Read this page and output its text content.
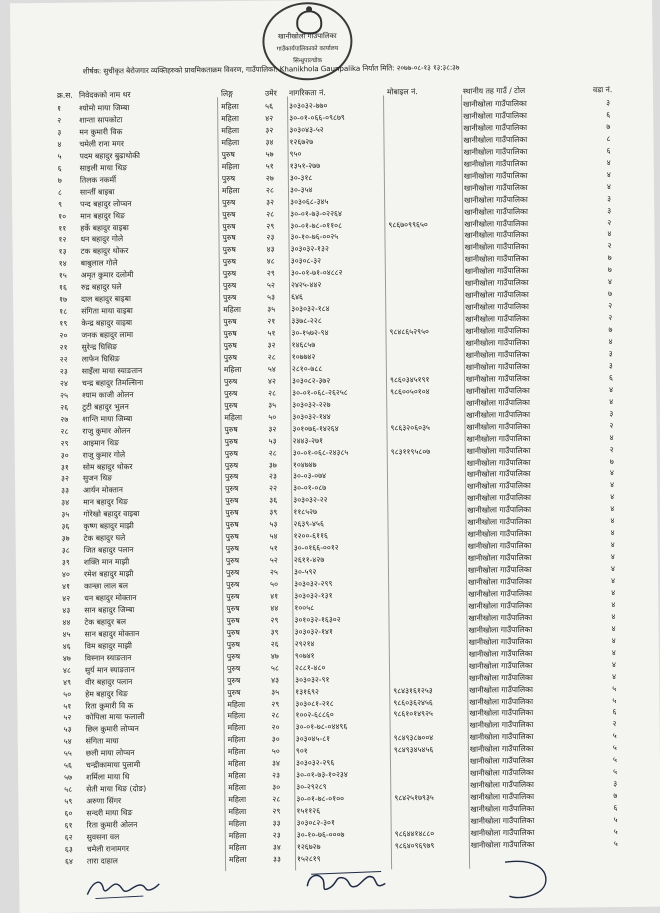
खानीखोला गाउँपालिका
गाउँकार्यपालिकाको कार्यालय
सिन्धुपाल्चोक
शीर्षक: सुचीकृत बेरोजगार व्यक्तिहरुको प्राथमिकताक्रम विवरण, गाउँपालिका: Khanikhola Gaunpalika निर्यात मिति: २०७७-०८-१३ १३:३८:३७
क्र.स. निवेदकको नाम थर	लिङ्ग	उमेर	नागरिकता नं.	मोबाइल नं.	स्थानीय तह गाउँ / टोल	वडा नं.
१	श्योमो माया जिम्बा	महिला	५६	३०३०३२-७७०	खानीखोला गाउँपालिका	३
२	शान्ता सापकोटा	महिला	४२	३०-०१-०६६-०९८७९	खानीखोला गाउँपालिका	६
३	मन कुमारी विक	महिला	३२	३०३०४३-५२	खानीखोला गाउँपालिका	७
४	चमेली राना मगर	महिला	३४	१२६७२७	खानीखोला गाउँपालिका	८
५	पदम बहादुर बुढाथोकी	पुरुष	५७	९५०	खानीखोला गाउँपालिका	६
६	साइली माया थिङ	महिला	५१	१३५१-२७७	खानीखोला गाउँपालिका	४
७	तिलक नकर्मी	पुरुष	२७	३०-३१८	खानीखोला गाउँपालिका	४
८	सान्तीं बाइबा	महिला	२८	३०-३५४	खानीखोला गाउँपालिका	४
९	पन्द बहादुर लोप्चन	पुरुष	३२	३०३०६८-३४५	खानीखोला गाउँपालिका	३
१०	मान बहादुर थिङ	पुरुष	२८	३०-०१-७३-०२२६४	खानीखोला गाउँपालिका	३
११	हर्के बहादुर वाइबा	पुरुष	२९	३०-०१-७८-०११०८	९८६७०९९६५०	खानीखोला गाउँपालिका	२
१२	धन बहादुर गोले	पुरुष	२३	३०-१०-७६-००२५	खानीखोला गाउँपालिका	४
१३	टक बहादुर थोकर	पुरुष	४३	३०३०३२-१३२	खानीखोला गाउँपालिका	२
१४	बाबुलाल गोले	पुरुष	४८	३०३०८-३२	खानीखोला गाउँपालिका	७
१५	अमृत कुमार दलोमी	पुरुष	२९	३०-०१-७१-०४८८२	खानीखोला गाउँपालिका	७
१६	रुद्र बहादुर घले	पुरुष	५२	२४२५-४४२	खानीखोला गाउँपालिका	४
१७	दाल बहादुर बाइबा	पुरुष	५३	६४६	खानीखोला गाउँपालिका	७
१८	संगिता माया वाइबा	महिला	३५	३०३०३२-१८४	खानीखोला गाउँपालिका	२
१९	केन्द्र बहादुर वाइबा	पुरुष	२१	३३७८-२२८	खानीखोला गाउँपालिका	२
२०	जनक बहादुर लामा	पुरुष	५१	३०-१५७२-९४	९८४८६५२९५०	खानीखोला गाउँपालिका	७
२१	सुरेन्द्र घिसिङ	पुरुष	३२	१४६८५७	खानीखोला गाउँपालिका	४
२२	लाफेन घिसिङ	पुरुष	२८	१०७७४२	खानीखोला गाउँपालिका	३
२३	साइँला माया स्याङतान	महिला	५४	२८१०-७८८	खानीखोला गाउँपालिका	३
२४	चन्द्र बहादुर तिमल्सिना	पुरुष	४२	३०३०८२-३७२	९८६०३४५१९१	खानीखोला गाउँपालिका	६
२५	श्याम काजी ओलन	पुरुष	२८	३०-०१-०६८-२६२५८	९८६००५०१०४	खानीखोला गाउँपालिका	४
२६	टुटी बहादुर भुलन	पुरुष	३५	३०३०३२-२२७	खानीखोला गाउँपालिका	४
२७	शान्ति माया जिम्बा	महिला	५०	३०३०३२-१४४	खानीखोला गाउँपालिका	३
२८	राजु कुमार ओलन	पुरुष	३२	३०१०७६-१४२६४	९८६३२०६०३५	खानीखोला गाउँपालिका	२
२९	आइमान थिङ	पुरुष	५३	२४४३-२७१	खानीखोला गाउँपालिका	४
३०	राजु कुमार गोले	पुरुष	२८	३०-०१-०६८-२४३८५	९८३११९५८०७	खानीखोला गाउँपालिका	२
३१	सोम बहादुर थोकर	पुरुष	३७	१०४७४७	खानीखोला गाउँपालिका	७
३२	सुजन थिङ	पुरुष	२३	३०-०३-०७४	खानीखोला गाउँपालिका	४
३३	आर्यन मोक्तान	पुरुष	२२	३०-०१-०८७	खानीखोला गाउँपालिका	४
३४	मान बहादुर थिङ	पुरुष	३६	३०३०३२-२२	खानीखोला गाउँपालिका	४
३५	गोरेखो बहादुर वाइबा	पुरुष	३९	११८५२७	खानीखोला गाउँपालिका	४
३६	कृष्ण बहादुर माझी	पुरुष	५३	२६३९-४५६	खानीखोला गाउँपालिका	४
३७	टेक बहादुर घले	पुरुष	५४	१२००-६११६	खानीखोला गाउँपालिका	४
३८	जित बहादुर पलान	पुरुष	५१	३०-०१६६-००१२	खानीखोला गाउँपालिका	४
३९	शक्ति मान माझी	पुरुष	५२	२६११-४२७	खानीखोला गाउँपालिका	४
४०	रमेश बहादुर माझी	पुरुष	२५	३०-५९२	खानीखोला गाउँपालिका	४
४१	कान्छा लाल बल	पुरुष	५०	३०३०३२-२९९	खानीखोला गाउँपालिका	४
४२	धन बहादुर मोक्तान	पुरुष	४१	३०३०३२-१३१	खानीखोला गाउँपालिका	४
४३	सान बहादुर जिम्बा	पुरुष	४४	१००५८	खानीखोला गाउँपालिका	४
४४	टेक बहादुर बल	पुरुष	२९	३०१०३२-१६३०२	खानीखोला गाउँपालिका	४
४५	सान बहादुर मोक्तान	पुरुष	३९	३०३०३२-१४१	खानीखोला गाउँपालिका	४
४६	विम बहादुर माझी	पुरुष	२६	२९२१४	खानीखोला गाउँपालिका	४
४७	विस्नान स्याङतान	पुरुष	४७	९०७४१	खानीखोला गाउँपालिका	४
४८	सुर्य मान स्याङतान	पुरुष	५८	२८८१-४८०	खानीखोला गाउँपालिका	४
४९	वीर बहादुर पलान	पुरुष	४३	३०३०३२-९१	खानीखोला गाउँपालिका	४
५०	हेम बहादुर थिङ	पुरुष	३५	१३१६९२	९८४३१६१२५३	खानीखोला गाउँपालिका	५
५१	रिता कुमारी वि क	महिला	२९	३०३०८१-२१८	९८६०३६२४५६	खानीखोला गाउँपालिका	५
५२	कोपिला माया फलाली	महिला	२८	१००२-६८८६०	९८६१०१४९२५	खानीखोला गाउँपालिका	६
५३	छिल कुमारी लोप्चन	महिला	२०	३०-०१-७८-०४४९६	खानीखोला गाउँपालिका	२
५४	संगिता माया	महिला	३०	३०३०४५-८१	९८४९३८७००४	खानीखोला गाउँपालिका	५
५५	छली माया लोप्चन	महिला	५०	९०१	९८४९३४५४५६	खानीखोला गाउँपालिका	५
५६	चन्द्रीकामाया पुलामी	महिला	३४	३०३०३२-२९६	खानीखोला गाउँपालिका	५
५७	शर्मिला माया थि	महिला	२३	३०-०१-७३-१०२३४	खानीखोला गाउँपालिका	५
५८	सेती माया थिङ (दोङ)	महिला	३०	३०-२९२८९	खानीखोला गाउँपालिका	३
५९	अरुणा सिंगर	महिला	२८	३०-०१-७८-०१००	९८४२५१७९३५	खानीखोला गाउँपालिका	७
६०	सन्दरी माया थिङ	महिला	२९	१५११२६	खानीखोला गाउँपालिका	६
६१	रिता कुमारी ओलन	महिला	३३	३०३०८२-३०१	खानीखोला गाउँपालिका	५
६२	सुवसना वल	महिला	२३	३०-१०-७६-०००७	९८६४४१४८८०	खानीखोला गाउँपालिका	५
६३	चमेली रानामगर	महिला	३४	१२६७२७	९८६४०९६९७९	खानीखोला गाउँपालिका	५
६४	तारा दाहाल	महिला	३३	१५२८१९
